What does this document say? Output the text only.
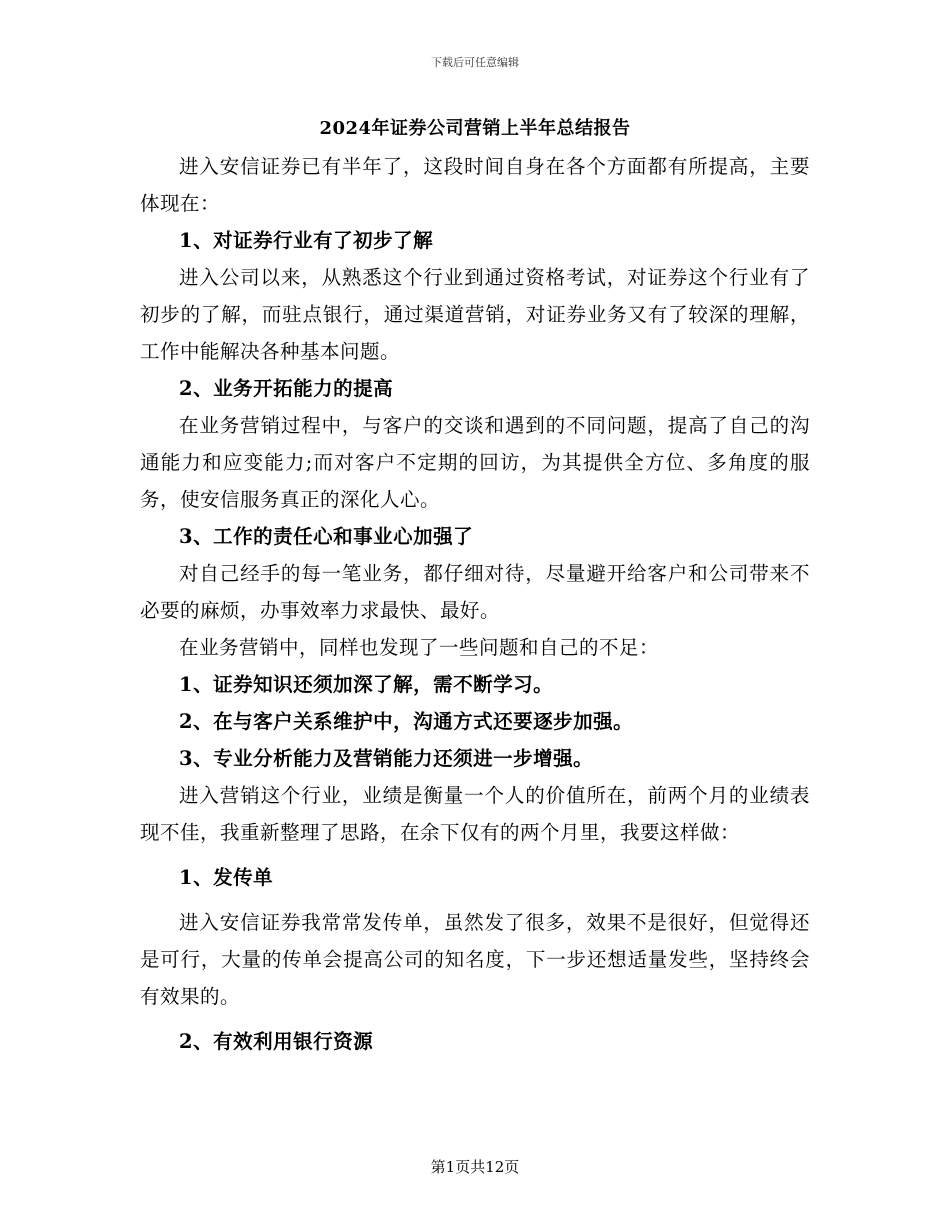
下载后可任意编辑
2024年证券公司营销上半年总结报告

进入安信证券已有半年了，这段时间自身在各个方面都有所提高，主要体现在：

1、对证券行业有了初步了解

进入公司以来，从熟悉这个行业到通过资格考试，对证券这个行业有了初步的了解，而驻点银行，通过渠道营销，对证券业务又有了较深的理解，工作中能解决各种基本问题。

2、业务开拓能力的提高

在业务营销过程中，与客户的交谈和遇到的不同问题，提高了自己的沟通能力和应变能力;而对客户不定期的回访，为其提供全方位、多角度的服务，使安信服务真正的深化人心。

3、工作的责任心和事业心加强了

对自己经手的每一笔业务，都仔细对待，尽量避开给客户和公司带来不必要的麻烦，办事效率力求最快、最好。

在业务营销中，同样也发现了一些问题和自己的不足：

1、证券知识还须加深了解，需不断学习。

2、在与客户关系维护中，沟通方式还要逐步加强。

3、专业分析能力及营销能力还须进一步增强。

进入营销这个行业，业绩是衡量一个人的价值所在，前两个月的业绩表现不佳，我重新整理了思路，在余下仅有的两个月里，我要这样做：

1、发传单

进入安信证券我常常发传单，虽然发了很多，效果不是很好，但觉得还是可行，大量的传单会提高公司的知名度，下一步还想适量发些，坚持终会有效果的。

2、有效利用银行资源

第1页共12页
